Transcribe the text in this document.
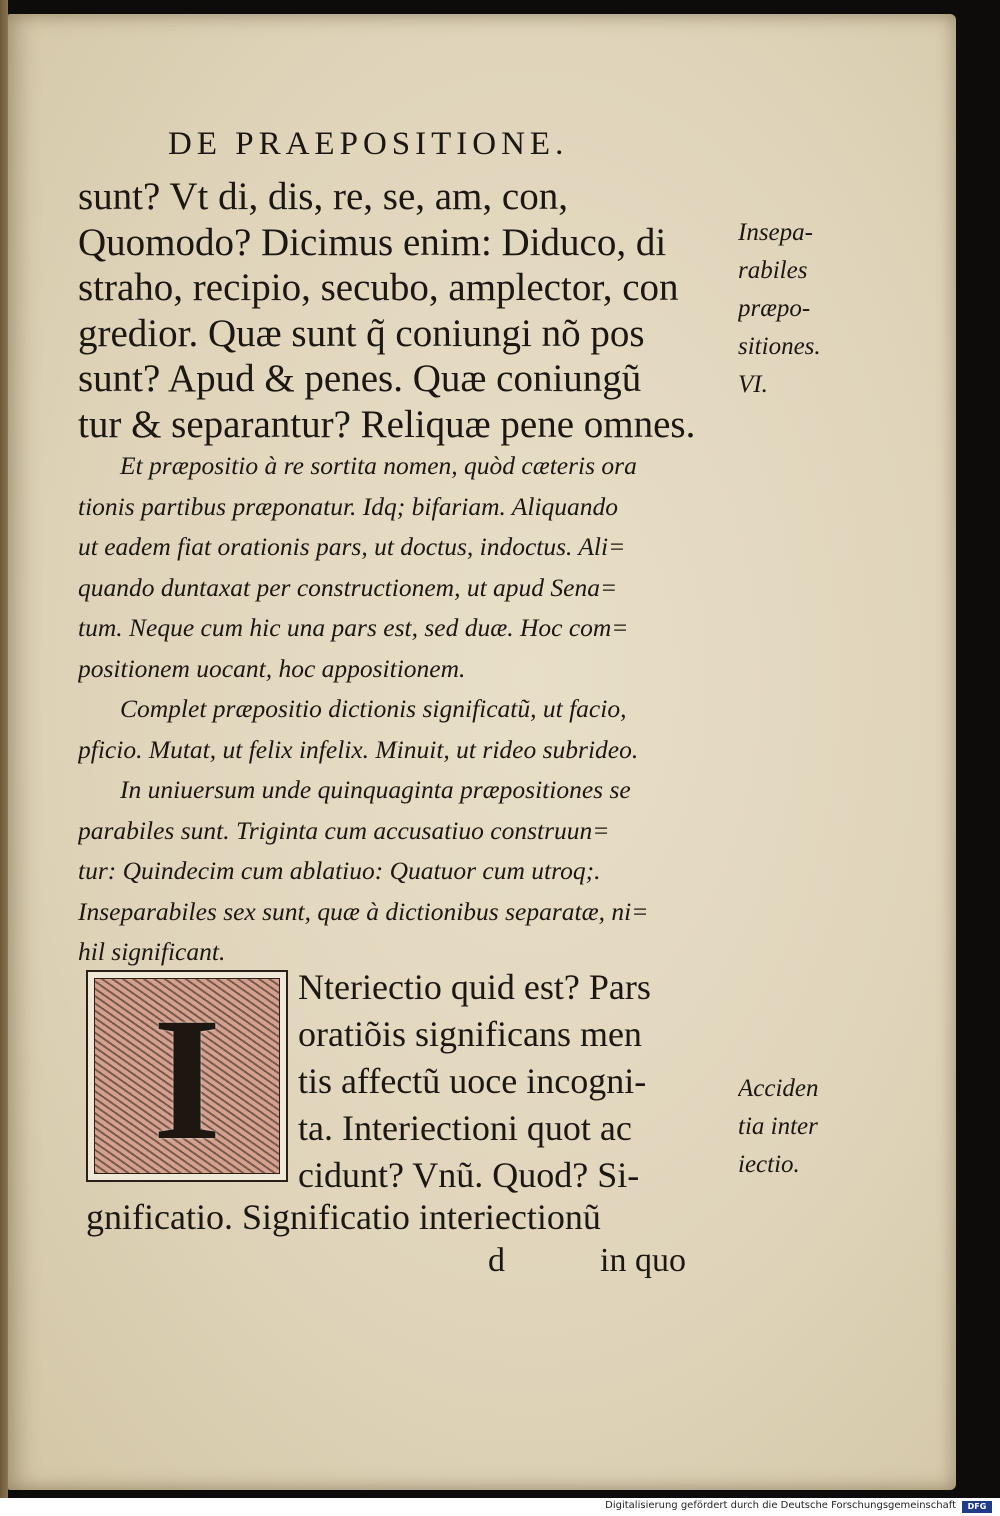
DE PRAEPOSITIONE.
sunt? Vt di, dis, re, se, am, con,
Quomodo? Dicimus enim: Diduco, di
straho, recipio, secubo, amplector, con
gredior. Quæ sunt q̃ coniungi nõ pos
sunt? Apud & penes. Quæ coniungũ
tur & separantur? Reliquæ pene omnes.
Et præpositio à re sortita nomen, quòd cæteris ora
tionis partibus præponatur. Idq; bifariam. Aliquando
ut eadem fiat orationis pars, ut doctus, indoctus. Ali=
quando duntaxat per constructionem, ut apud Sena=
tum. Neque cum hic una pars est, sed duæ. Hoc com=
positionem uocant, hoc appositionem.
Complet præpositio dictionis significatũ, ut facio,
pficio. Mutat, ut felix infelix. Minuit, ut rideo subrideo.
In uniuersum unde quinquaginta præpositiones se
parabiles sunt. Triginta cum accusatiuo construun=
tur: Quindecim cum ablatiuo: Quatuor cum utroq;.
Inseparabiles sex sunt, quæ à dictionibus separatæ, ni=
hil significant.
I	Nteriectio quid est? Pars
oratiõis significans men
tis affectũ uoce incogni-
ta. Interiectioni quot ac
cidunt? Vnũ. Quod? Si-
gnificatio. Significatio interiectionũ
d	in quo
Insepa-
rabiles
præpo-
sitiones.
VI.
Acciden
tia inter
iectio.
Digitalisierung gefördert durch die Deutsche Forschungsgemeinschaft	DFG
